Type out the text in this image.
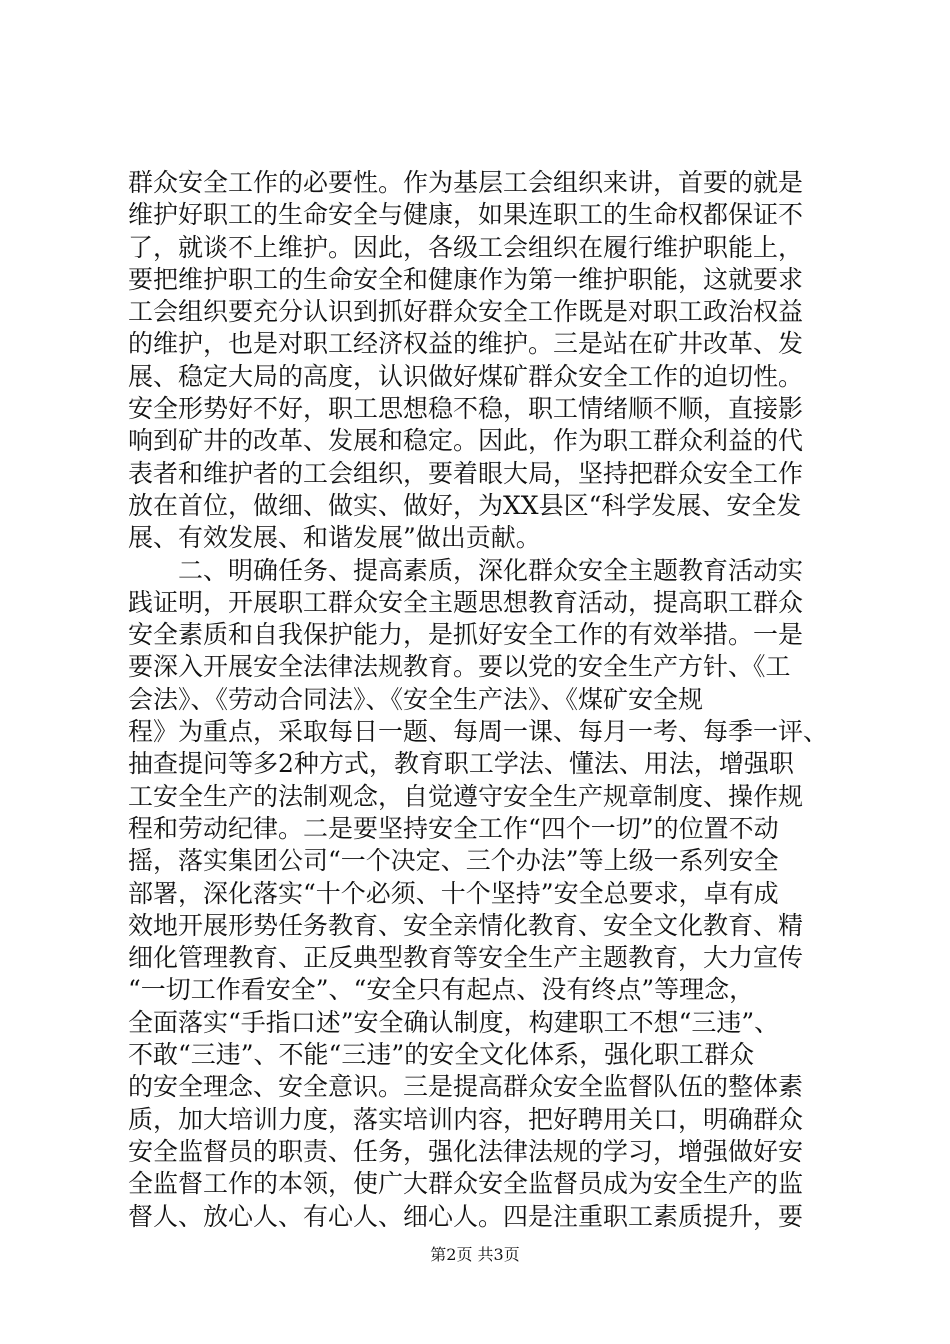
群众安全工作的必要性。作为基层工会组织来讲，首要的就是
维护好职工的生命安全与健康，如果连职工的生命权都保证不
了，就谈不上维护。因此，各级工会组织在履行维护职能上，
要把维护职工的生命安全和健康作为第一维护职能，这就要求
工会组织要充分认识到抓好群众安全工作既是对职工政治权益
的维护，也是对职工经济权益的维护。三是站在矿井改革、发
展、稳定大局的高度，认识做好煤矿群众安全工作的迫切性。
安全形势好不好，职工思想稳不稳，职工情绪顺不顺，直接影
响到矿井的改革、发展和稳定。因此，作为职工群众利益的代
表者和维护者的工会组织，要着眼大局，坚持把群众安全工作
放在首位，做细、做实、做好，为XX县区“科学发展、安全发
展、有效发展、和谐发展”做出贡献。
　　二、明确任务、提高素质，深化群众安全主题教育活动实
践证明，开展职工群众安全主题思想教育活动，提高职工群众
安全素质和自我保护能力，是抓好安全工作的有效举措。一是
要深入开展安全法律法规教育。要以党的安全生产方针、《工
会法》、《劳动合同法》、《安全生产法》、《煤矿安全规
程》为重点，采取每日一题、每周一课、每月一考、每季一评、
抽查提问等多2种方式，教育职工学法、懂法、用法，增强职
工安全生产的法制观念，自觉遵守安全生产规章制度、操作规
程和劳动纪律。二是要坚持安全工作“四个一切”的位置不动
摇，落实集团公司“一个决定、三个办法”等上级一系列安全
部署，深化落实“十个必须、十个坚持”安全总要求，卓有成
效地开展形势任务教育、安全亲情化教育、安全文化教育、精
细化管理教育、正反典型教育等安全生产主题教育，大力宣传
“一切工作看安全”、“安全只有起点、没有终点”等理念，
全面落实“手指口述”安全确认制度，构建职工不想“三违”、
不敢“三违”、不能“三违”的安全文化体系，强化职工群众
的安全理念、安全意识。三是提高群众安全监督队伍的整体素
质，加大培训力度，落实培训内容，把好聘用关口，明确群众
安全监督员的职责、任务，强化法律法规的学习，增强做好安
全监督工作的本领，使广大群众安全监督员成为安全生产的监
督人、放心人、有心人、细心人。四是注重职工素质提升，要
第2页 共3页
